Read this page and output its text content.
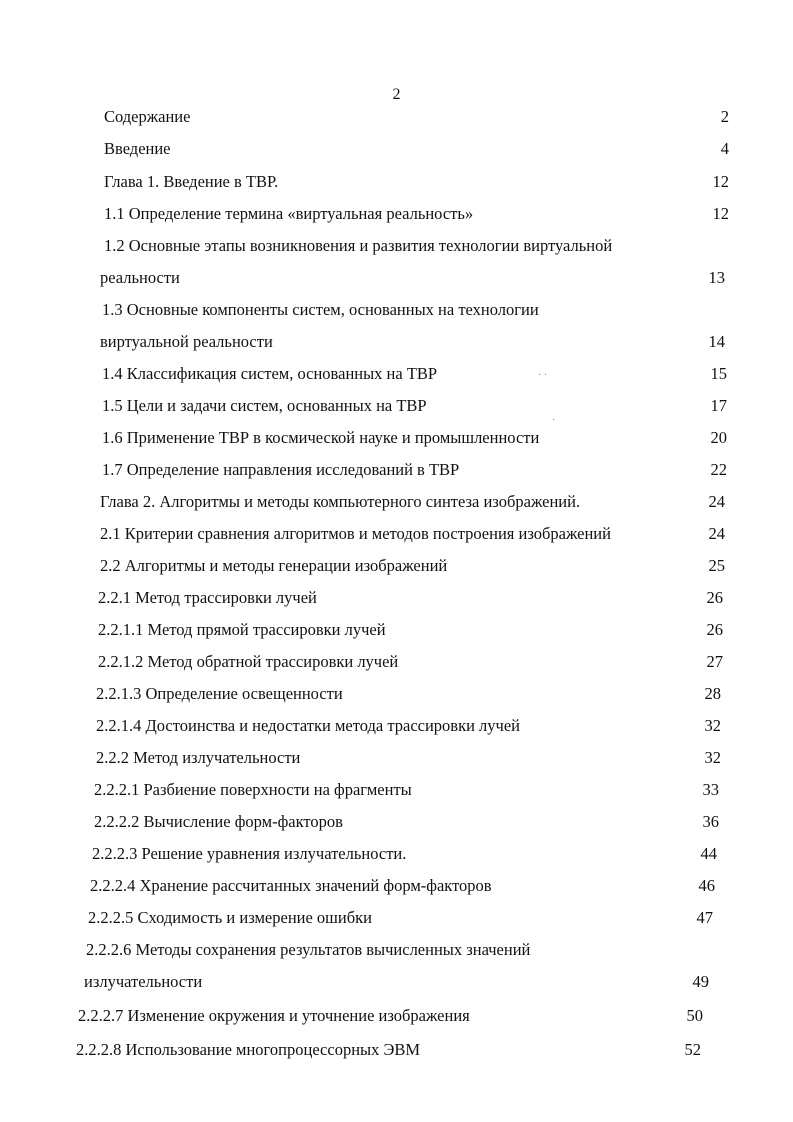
2
Содержание	2
Введение	4
Глава 1. Введение в ТВР.	12
1.1 Определение термина «виртуальная реальность»	12
1.2 Основные этапы возникновения и развития технологии виртуальной
реальности	13
1.3 Основные компоненты систем, основанных на технологии
виртуальной реальности	14
1.4 Классификация систем, основанных на ТВР	15
1.5 Цели и задачи систем, основанных на ТВР	17
1.6 Применение ТВР в космической науке и промышленности	20
1.7 Определение направления исследований в ТВР	22
Глава 2. Алгоритмы и методы компьютерного синтеза изображений.	24
2.1 Критерии сравнения алгоритмов и методов построения изображений	24
2.2 Алгоритмы и методы генерации изображений	25
2.2.1 Метод трассировки лучей	26
2.2.1.1 Метод прямой трассировки лучей	26
2.2.1.2 Метод обратной трассировки лучей	27
2.2.1.3 Определение освещенности	28
2.2.1.4 Достоинства и недостатки метода трассировки лучей	32
2.2.2 Метод излучательности	32
2.2.2.1 Разбиение поверхности на фрагменты	33
2.2.2.2 Вычисление форм-факторов	36
2.2.2.3 Решение уравнения излучательности.	44
2.2.2.4 Хранение рассчитанных значений форм-факторов	46
2.2.2.5 Сходимость и измерение ошибки	47
2.2.2.6 Методы сохранения результатов вычисленных значений
излучательности	49
2.2.2.7 Изменение окружения и уточнение изображения	50
2.2.2.8 Использование многопроцессорных ЭВМ	52
· ·
·
